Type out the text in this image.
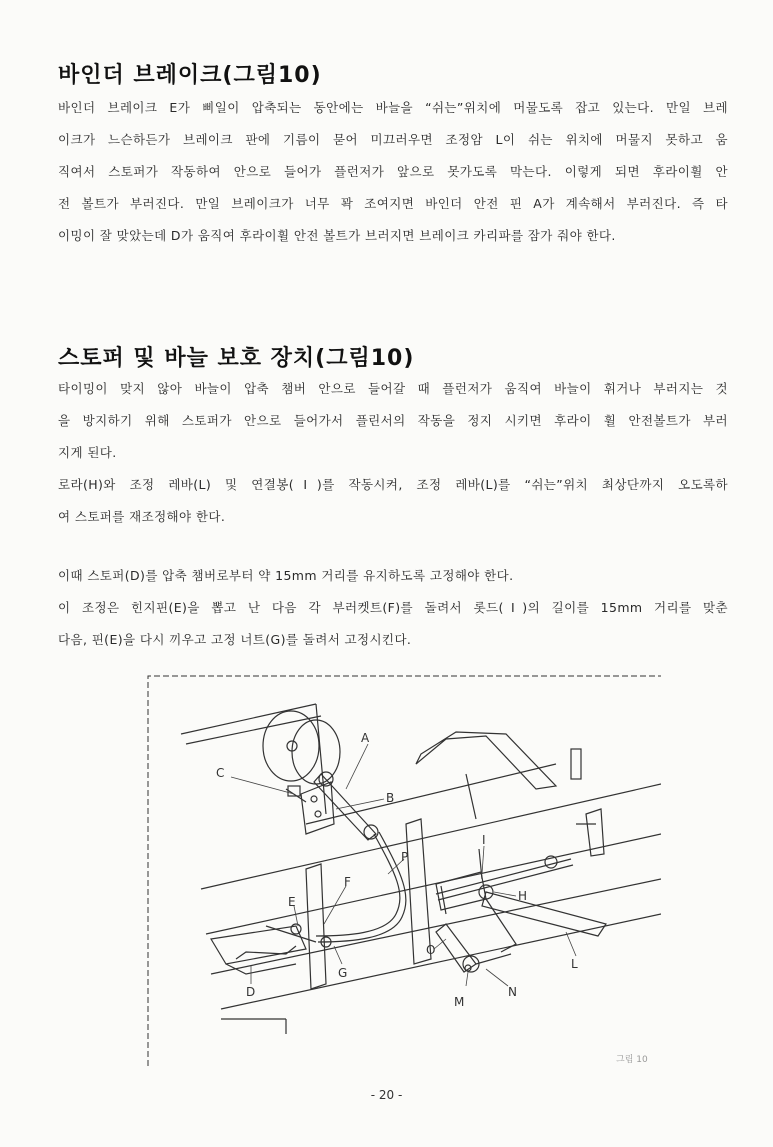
바인더 브레이크(그림10)
바인더 브레이크 E가 삐일이 압축되는 동안에는 바늘을 “쉬는”위치에 머물도록 잡고 있는다. 만일 브레
이크가 느슨하든가 브레이크 판에 기름이 묻어 미끄러우면 조정암 L이 쉬는 위치에 머물지 못하고 움
직여서 스토퍼가 작동하여 안으로 들어가 플런저가 앞으로 못가도록 막는다. 이렇게 되면 후라이휠 안
전 볼트가 부러진다. 만일 브레이크가 너무 꽉 조여지면 바인더 안전 핀 A가 계속해서 부러진다. 즉 타
이밍이 잘 맞았는데 D가 움직여 후라이휠 안전 볼트가 브러지면 브레이크 카리파를 잠가 줘야 한다.
스토퍼 및 바늘 보호 장치(그림10)
타이밍이 맞지 않아 바늘이 압축 챔버 안으로 들어갈 때 플런저가 움직여 바늘이 휘거나 부러지는 것
을 방지하기 위해 스토퍼가 안으로 들어가서 플린서의 작동을 정지 시키면 후라이 휠 안전볼트가 부러
지게 된다.
로라(H)와 조정 레바(L) 및 연결봉(Ⅰ)를 작동시켜, 조정 레바(L)를 “쉬는”위치 최상단까지 오도록하
여 스토퍼를 재조정해야 한다.
이때 스토퍼(D)를 압축 챔버로부터 약 15mm 거리를 유지하도록 고정해야 한다.
이 조정은 힌지핀(E)을 뽑고 난 다음 각 부러켓트(F)를 돌려서 롯드(Ⅰ)의 길이를 15mm 거리를 맞춘
다음, 핀(E)을 다시 끼우고 고정 너트(G)를 돌려서 고정시킨다.
A
C
B
P
I
F
E	H
O
G
L
D	N
M
그림 10

- 20 -
